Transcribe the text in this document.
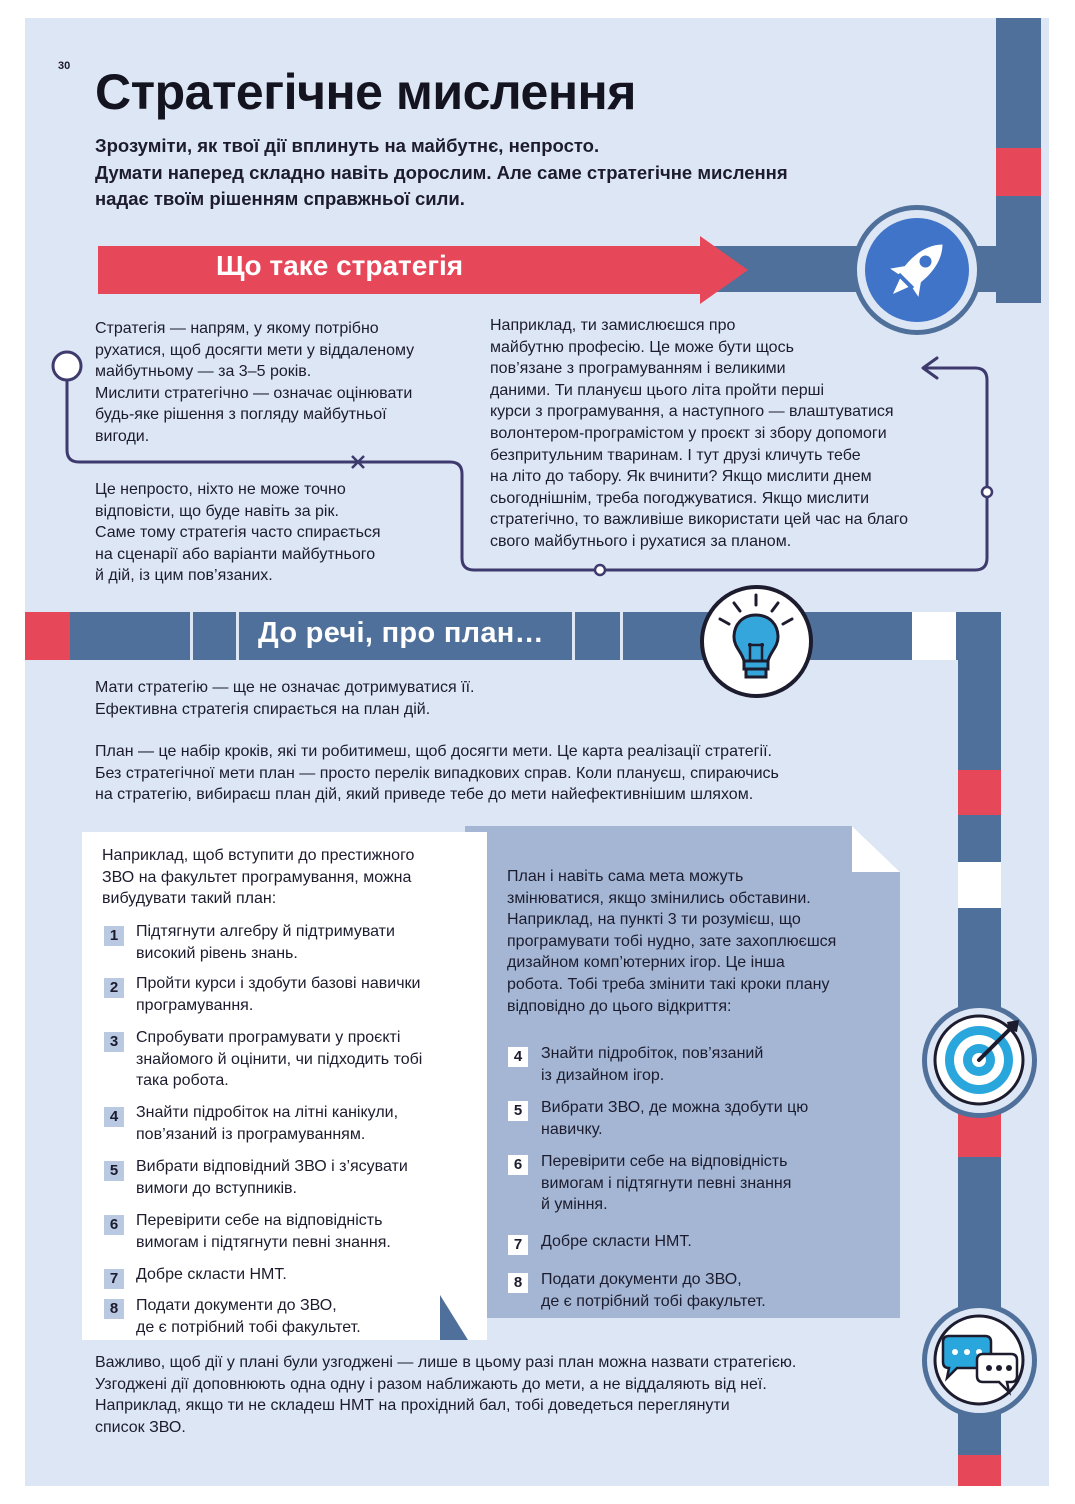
30 Стратегічне мислення
Зрозуміти, як твої дії вплинуть на майбутнє, непросто.
Думати наперед складно навіть дорослим. Але саме стратегічне мислення
надає твоїм рішенням справжньої сили.
Що таке стратегія
Стратегія — напрям, у якому потрібно
рухатися, щоб досягти мети у віддаленому
майбутньому — за 3–5 років.
Мислити стратегічно — означає оцінювати
будь-яке рішення з погляду майбутньої
вигоди.
Це непросто, ніхто не може точно
відповісти, що буде навіть за рік.
Саме тому стратегія часто спирається
на сценарії або варіанти майбутнього
й дій, із цим пов’язаних.
Наприклад, ти замислюєшся про
майбутню професію. Це може бути щось
пов’язане з програмуванням і великими
даними. Ти плануєш цього літа пройти перші
курси з програмування, а наступного — влаштуватися
волонтером-програмістом у проєкт зі збору допомоги
безпритульним тваринам. І тут друзі кличуть тебе
на літо до табору. Як вчинити? Якщо мислити днем
сьогоднішнім, треба погоджуватися. Якщо мислити
стратегічно, то важливіше використати цей час на благо
свого майбутнього і рухатися за планом.
До речі, про план…
Мати стратегію — ще не означає дотримуватися її.
Ефективна стратегія спирається на план дій.
План — це набір кроків, які ти робитимеш, щоб досягти мети. Це карта реалізації стратегії.
Без стратегічної мети план — просто перелік випадкових справ. Коли плануєш, спираючись
на стратегію, вибираєш план дій, який приведе тебе до мети найефективнішим шляхом.
Наприклад, щоб вступити до престижного
ЗВО на факультет програмування, можна
вибудувати такий план:
1	Підтягнути алгебру й підтримувати
високий рівень знань.
2	Пройти курси і здобути базові навички
програмування.
3	Спробувати програмувати у проєкті
знайомого й оцінити, чи підходить тобі
така робота.
4	Знайти підробіток на літні канікули,
пов’язаний із програмуванням.
5	Вибрати відповідний ЗВО і з’ясувати
вимоги до вступників.
6	Перевірити себе на відповідність
вимогам і підтягнути певні знання.
7	Добре скласти НМТ.
8	Подати документи до ЗВО,
де є потрібний тобі факультет.
План і навіть сама мета можуть
змінюватися, якщо змінились обставини.
Наприклад, на пункті 3 ти розумієш, що
програмувати тобі нудно, зате захоплюєшся
дизайном комп’ютерних ігор. Це інша
робота. Тобі треба змінити такі кроки плану
відповідно до цього відкриття:
4	Знайти підробіток, пов’язаний
із дизайном ігор.
5	Вибрати ЗВО, де можна здобути цю
навичку.
6	Перевірити себе на відповідність
вимогам і підтягнути певні знання
й уміння.
7	Добре скласти НМТ.
8	Подати документи до ЗВО,
де є потрібний тобі факультет.
Важливо, щоб дії у плані були узгоджені — лише в цьому разі план можна назвати стратегією.
Узгоджені дії доповнюють одна одну і разом наближають до мети, а не віддаляють від неї.
Наприклад, якщо ти не складеш НМТ на прохідний бал, тобі доведеться переглянути
список ЗВО.
